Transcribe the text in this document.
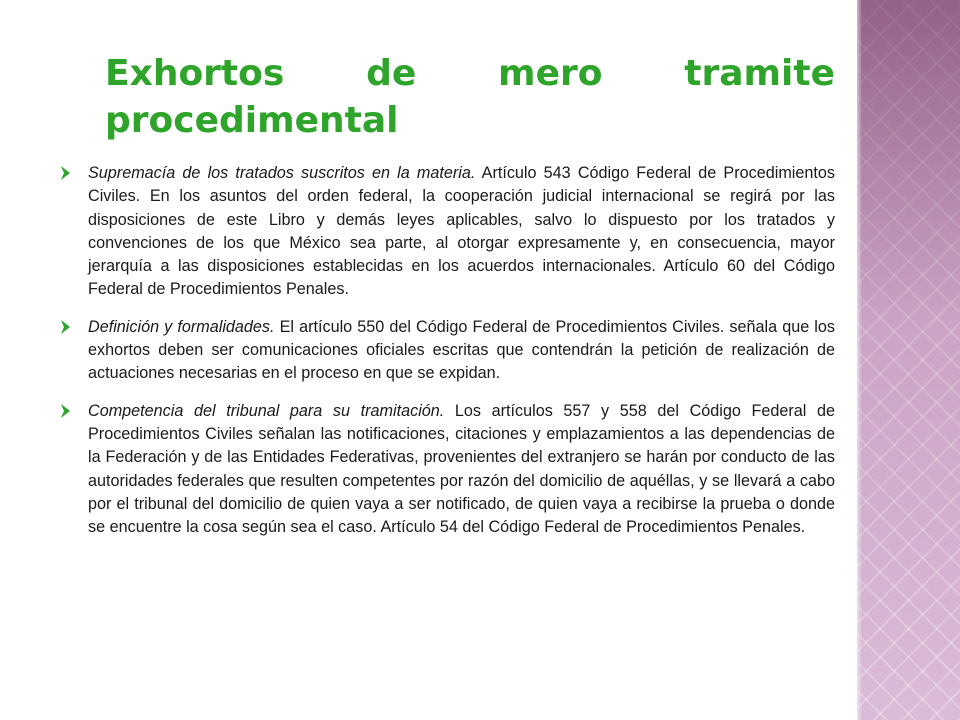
Exhortos de mero tramite procedimental

Supremacía de los tratados suscritos en la materia. Artículo 543 Código Federal de Procedimientos Civiles. En los asuntos del orden federal, la cooperación judicial internacional se regirá por las disposiciones de este Libro y demás leyes aplicables, salvo lo dispuesto por los tratados y convenciones de los que México sea parte, al otorgar expresamente y, en consecuencia, mayor jerarquía a las disposiciones establecidas en los acuerdos internacionales. Artículo 60 del Código Federal de Procedimientos Penales.

Definición y formalidades. El artículo 550 del Código Federal de Procedimientos Civiles. señala que los exhortos deben ser comunicaciones oficiales escritas que contendrán la petición de realización de actuaciones necesarias en el proceso en que se expidan.

Competencia del tribunal para su tramitación. Los artículos 557 y 558 del Código Federal de Procedimientos Civiles señalan las notificaciones, citaciones y emplazamientos a las dependencias de la Federación y de las Entidades Federativas, provenientes del extranjero se harán por conducto de las autoridades federales que resulten competentes por razón del domicilio de aquéllas, y se llevará a cabo por el tribunal del domicilio de quien vaya a ser notificado, de quien vaya a recibirse la prueba o donde se encuentre la cosa según sea el caso. Artículo 54 del Código Federal de Procedimientos Penales.
